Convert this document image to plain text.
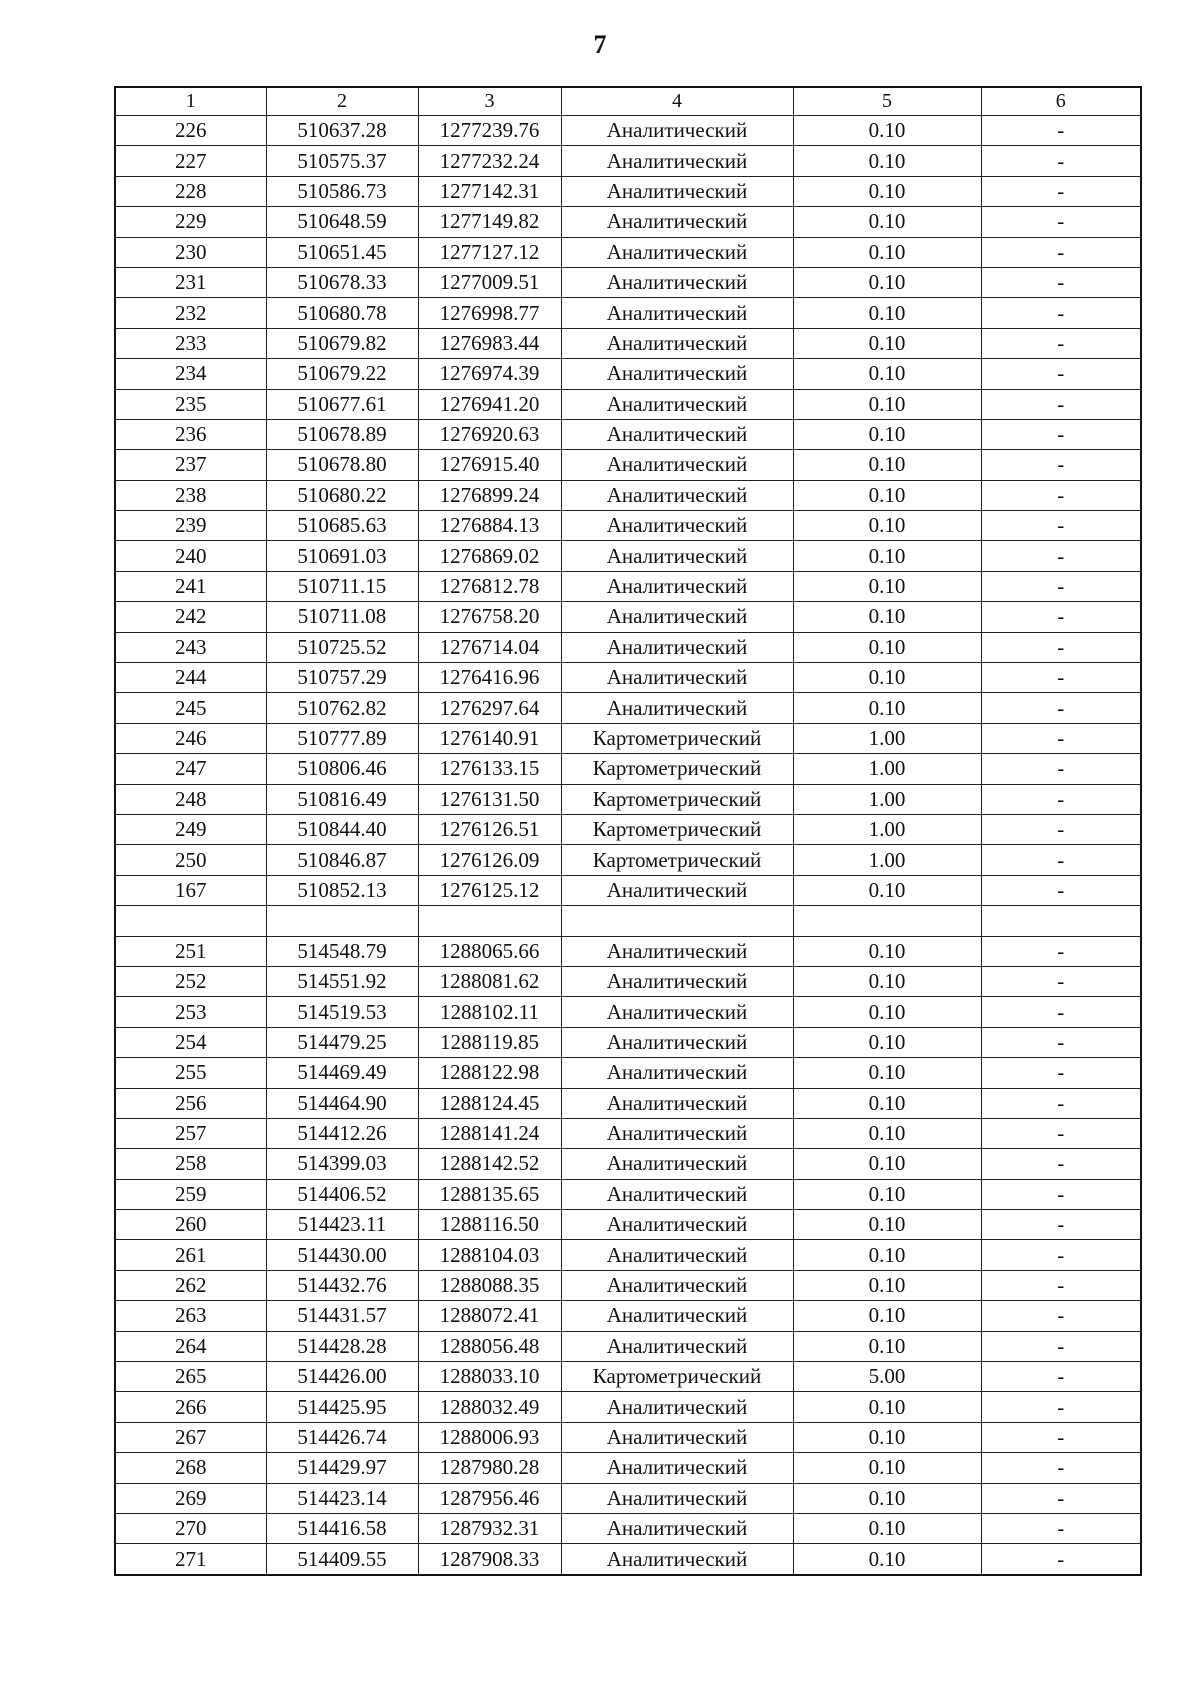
7
1	2	3	4	5	6
226	510637.28	1277239.76	Аналитический	0.10	-
227	510575.37	1277232.24	Аналитический	0.10	-
228	510586.73	1277142.31	Аналитический	0.10	-
229	510648.59	1277149.82	Аналитический	0.10	-
230	510651.45	1277127.12	Аналитический	0.10	-
231	510678.33	1277009.51	Аналитический	0.10	-
232	510680.78	1276998.77	Аналитический	0.10	-
233	510679.82	1276983.44	Аналитический	0.10	-
234	510679.22	1276974.39	Аналитический	0.10	-
235	510677.61	1276941.20	Аналитический	0.10	-
236	510678.89	1276920.63	Аналитический	0.10	-
237	510678.80	1276915.40	Аналитический	0.10	-
238	510680.22	1276899.24	Аналитический	0.10	-
239	510685.63	1276884.13	Аналитический	0.10	-
240	510691.03	1276869.02	Аналитический	0.10	-
241	510711.15	1276812.78	Аналитический	0.10	-
242	510711.08	1276758.20	Аналитический	0.10	-
243	510725.52	1276714.04	Аналитический	0.10	-
244	510757.29	1276416.96	Аналитический	0.10	-
245	510762.82	1276297.64	Аналитический	0.10	-
246	510777.89	1276140.91	Картометрический	1.00	-
247	510806.46	1276133.15	Картометрический	1.00	-
248	510816.49	1276131.50	Картометрический	1.00	-
249	510844.40	1276126.51	Картометрический	1.00	-
250	510846.87	1276126.09	Картометрический	1.00	-
167	510852.13	1276125.12	Аналитический	0.10	-

251	514548.79	1288065.66	Аналитический	0.10	-
252	514551.92	1288081.62	Аналитический	0.10	-
253	514519.53	1288102.11	Аналитический	0.10	-
254	514479.25	1288119.85	Аналитический	0.10	-
255	514469.49	1288122.98	Аналитический	0.10	-
256	514464.90	1288124.45	Аналитический	0.10	-
257	514412.26	1288141.24	Аналитический	0.10	-
258	514399.03	1288142.52	Аналитический	0.10	-
259	514406.52	1288135.65	Аналитический	0.10	-
260	514423.11	1288116.50	Аналитический	0.10	-
261	514430.00	1288104.03	Аналитический	0.10	-
262	514432.76	1288088.35	Аналитический	0.10	-
263	514431.57	1288072.41	Аналитический	0.10	-
264	514428.28	1288056.48	Аналитический	0.10	-
265	514426.00	1288033.10	Картометрический	5.00	-
266	514425.95	1288032.49	Аналитический	0.10	-
267	514426.74	1288006.93	Аналитический	0.10	-
268	514429.97	1287980.28	Аналитический	0.10	-
269	514423.14	1287956.46	Аналитический	0.10	-
270	514416.58	1287932.31	Аналитический	0.10	-
271	514409.55	1287908.33	Аналитический	0.10	-
